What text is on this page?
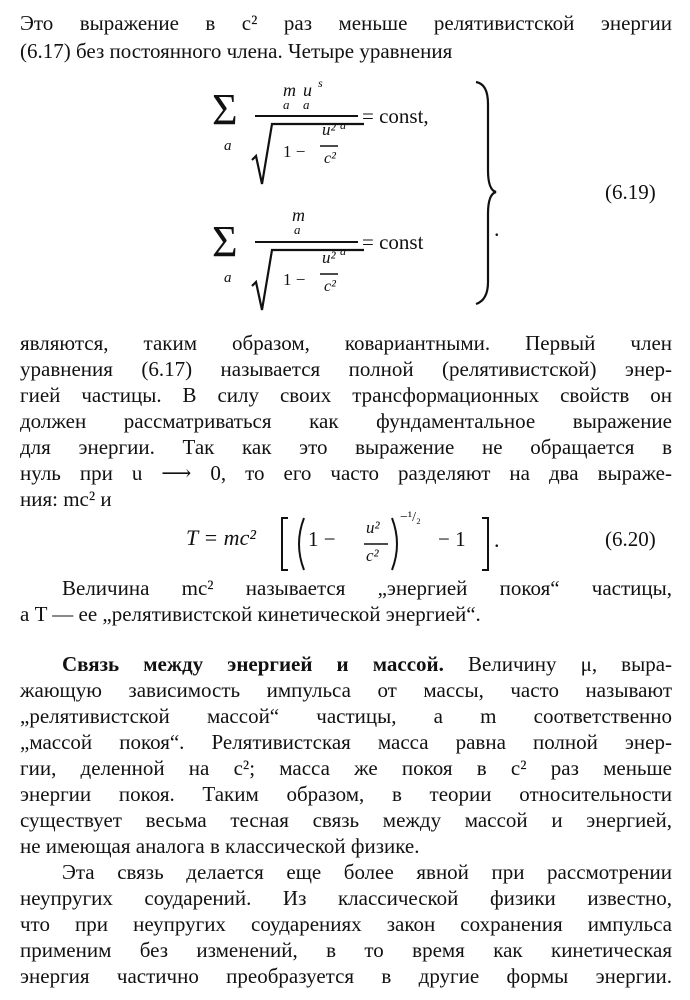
Это выражение в c² раз меньше релятивистской энергии
(6.17) без постоянного члена. Четыре уравнения
Σ
a
m u s
a a
u² a
1 − c²
= const,
Σ
a
m
a
u² a
1 − c²
= const
.
(6.19)
являются, таким образом, ковариантными. Первый член
уравнения (6.17) называется полной (релятивистской) энер-
гией частицы. В силу своих трансформационных свойств он
должен рассматриваться как фундаментальное выражение
для энергии. Так как это выражение не обращается в
нуль при u ⟶ 0, то его часто разделяют на два выраже-
ния: mc² и
T = mc² 1 − u²
c²
−¹/₂
− 1 .	(6.20)
Величина mc² называется „энергией покоя“ частицы,
а T — ее „релятивистской кинетической энергией“.
Связь между энергией и массой. Величину μ, выра-
жающую зависимость импульса от массы, часто называют
„релятивистской массой“ частицы, а m соответственно
„массой покоя“. Релятивистская масса равна полной энер-
гии, деленной на c²; масса же покоя в c² раз меньше
энергии покоя. Таким образом, в теории относительности
существует весьма тесная связь между массой и энергией,
не имеющая аналога в классической физике.
Эта связь делается еще более явной при рассмотрении
неупругих соударений. Из классической физики известно,
что при неупругих соударениях закон сохранения импульса
применим без изменений, в то время как кинетическая
энергия частично преобразуется в другие формы энергии.
